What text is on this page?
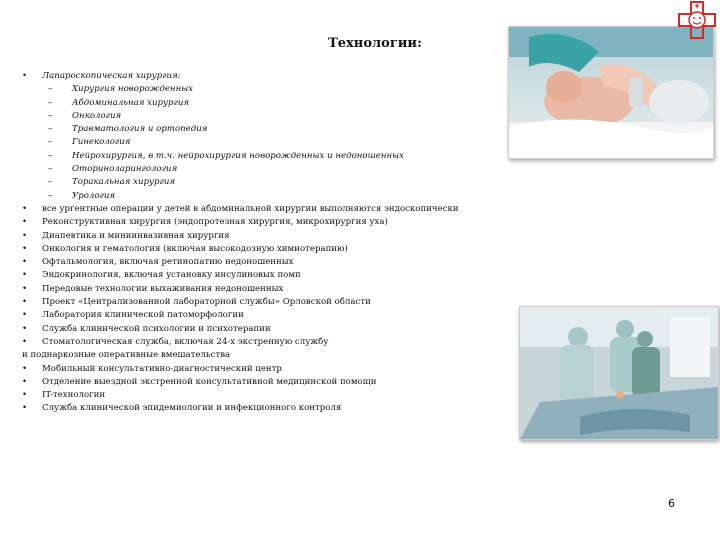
Технологии:
•	Лапароскопическая хирургия:
–	Хирургия новорожденных
–	Абдоминальная хирургия
–	Онкология
–	Травматология и ортопедия
–	Гинекология
–	Нейрохирургия, в т.ч. нейрохирургия новорожденных и недоношенных
–	Оториноларингология
–	Торакальная хирургия
–	Урология
•	все ургентные операции у детей в абдоминальной хирургии выполняются эндоскопически
•	Реконструктивная хирургия (эндопротезная хирургия, микрохирургия уха)
•	Диапевтика и миниинвазивная хирургия
•	Онкология и гематология (включая высокодозную химиотерапию)
•	Офтальмология, включая ретинопатию недоношенных
•	Эндокринология, включая установку инсулиновых помп
•	Передовые технологии выхаживания недоношенных
•	Проект «Централизованной лабораторной службы» Орловской области
•	Лаборатория клинической патоморфологии
•	Служба клинической психологии и психотерапии
•	Стоматологическая служба, включая 24-х экстренную службу
и поднаркозные оперативные вмешательства
•	Мобильный консультативно-диагностический центр
•	Отделение выездной экстренной консультативной медицинской помощи
•	IT-технологии
•	Служба клинической эпидемиологии и инфекционного контроля
6
